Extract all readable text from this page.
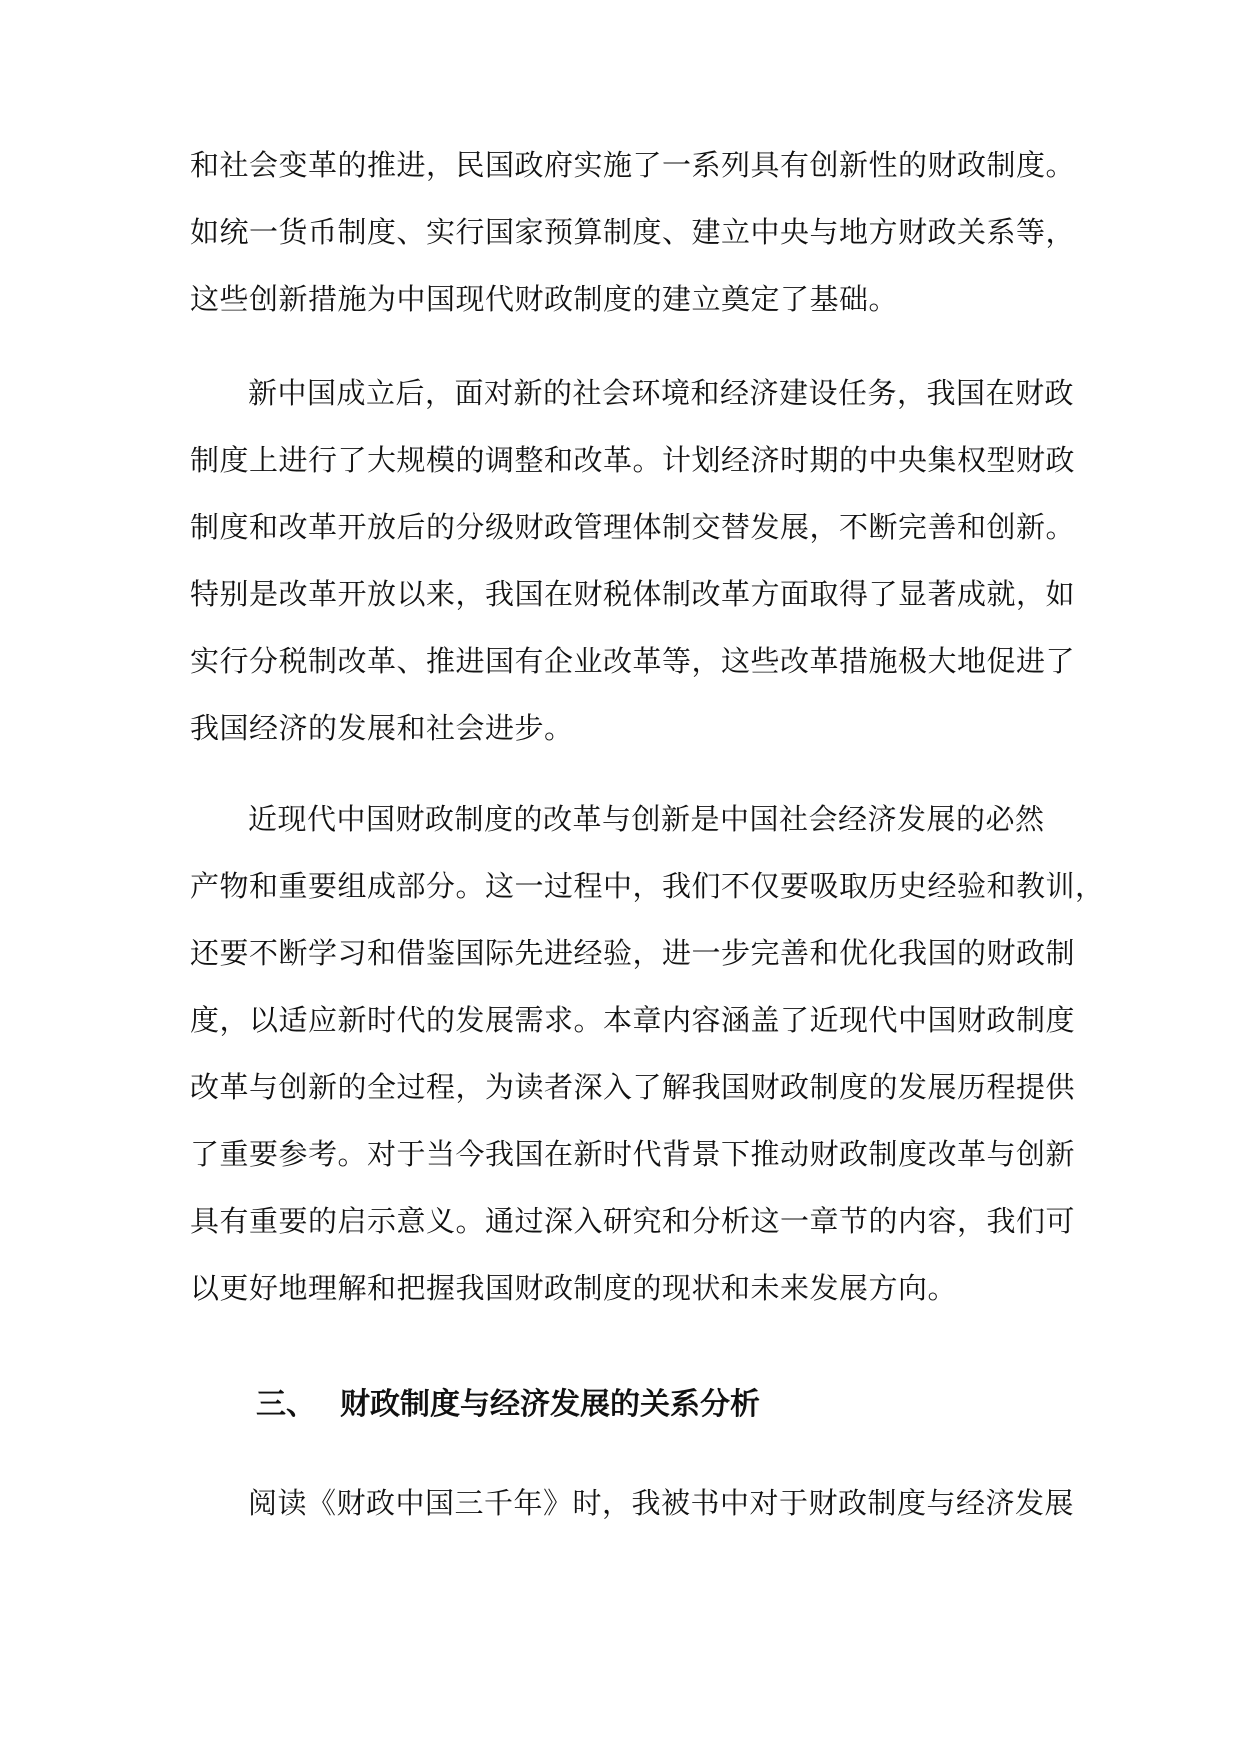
和社会变革的推进，民国政府实施了一系列具有创新性的财政制度。
如统一货币制度、实行国家预算制度、建立中央与地方财政关系等，
这些创新措施为中国现代财政制度的建立奠定了基础。
新中国成立后，面对新的社会环境和经济建设任务，我国在财政
制度上进行了大规模的调整和改革。计划经济时期的中央集权型财政
制度和改革开放后的分级财政管理体制交替发展，不断完善和创新。
特别是改革开放以来，我国在财税体制改革方面取得了显著成就，如
实行分税制改革、推进国有企业改革等，这些改革措施极大地促进了
我国经济的发展和社会进步。
近现代中国财政制度的改革与创新是中国社会经济发展的必然
产物和重要组成部分。这一过程中，我们不仅要吸取历史经验和教训，
还要不断学习和借鉴国际先进经验，进一步完善和优化我国的财政制
度，以适应新时代的发展需求。本章内容涵盖了近现代中国财政制度
改革与创新的全过程，为读者深入了解我国财政制度的发展历程提供
了重要参考。对于当今我国在新时代背景下推动财政制度改革与创新
具有重要的启示意义。通过深入研究和分析这一章节的内容，我们可
以更好地理解和把握我国财政制度的现状和未来发展方向。
三、 财政制度与经济发展的关系分析
阅读《财政中国三千年》时，我被书中对于财政制度与经济发展
